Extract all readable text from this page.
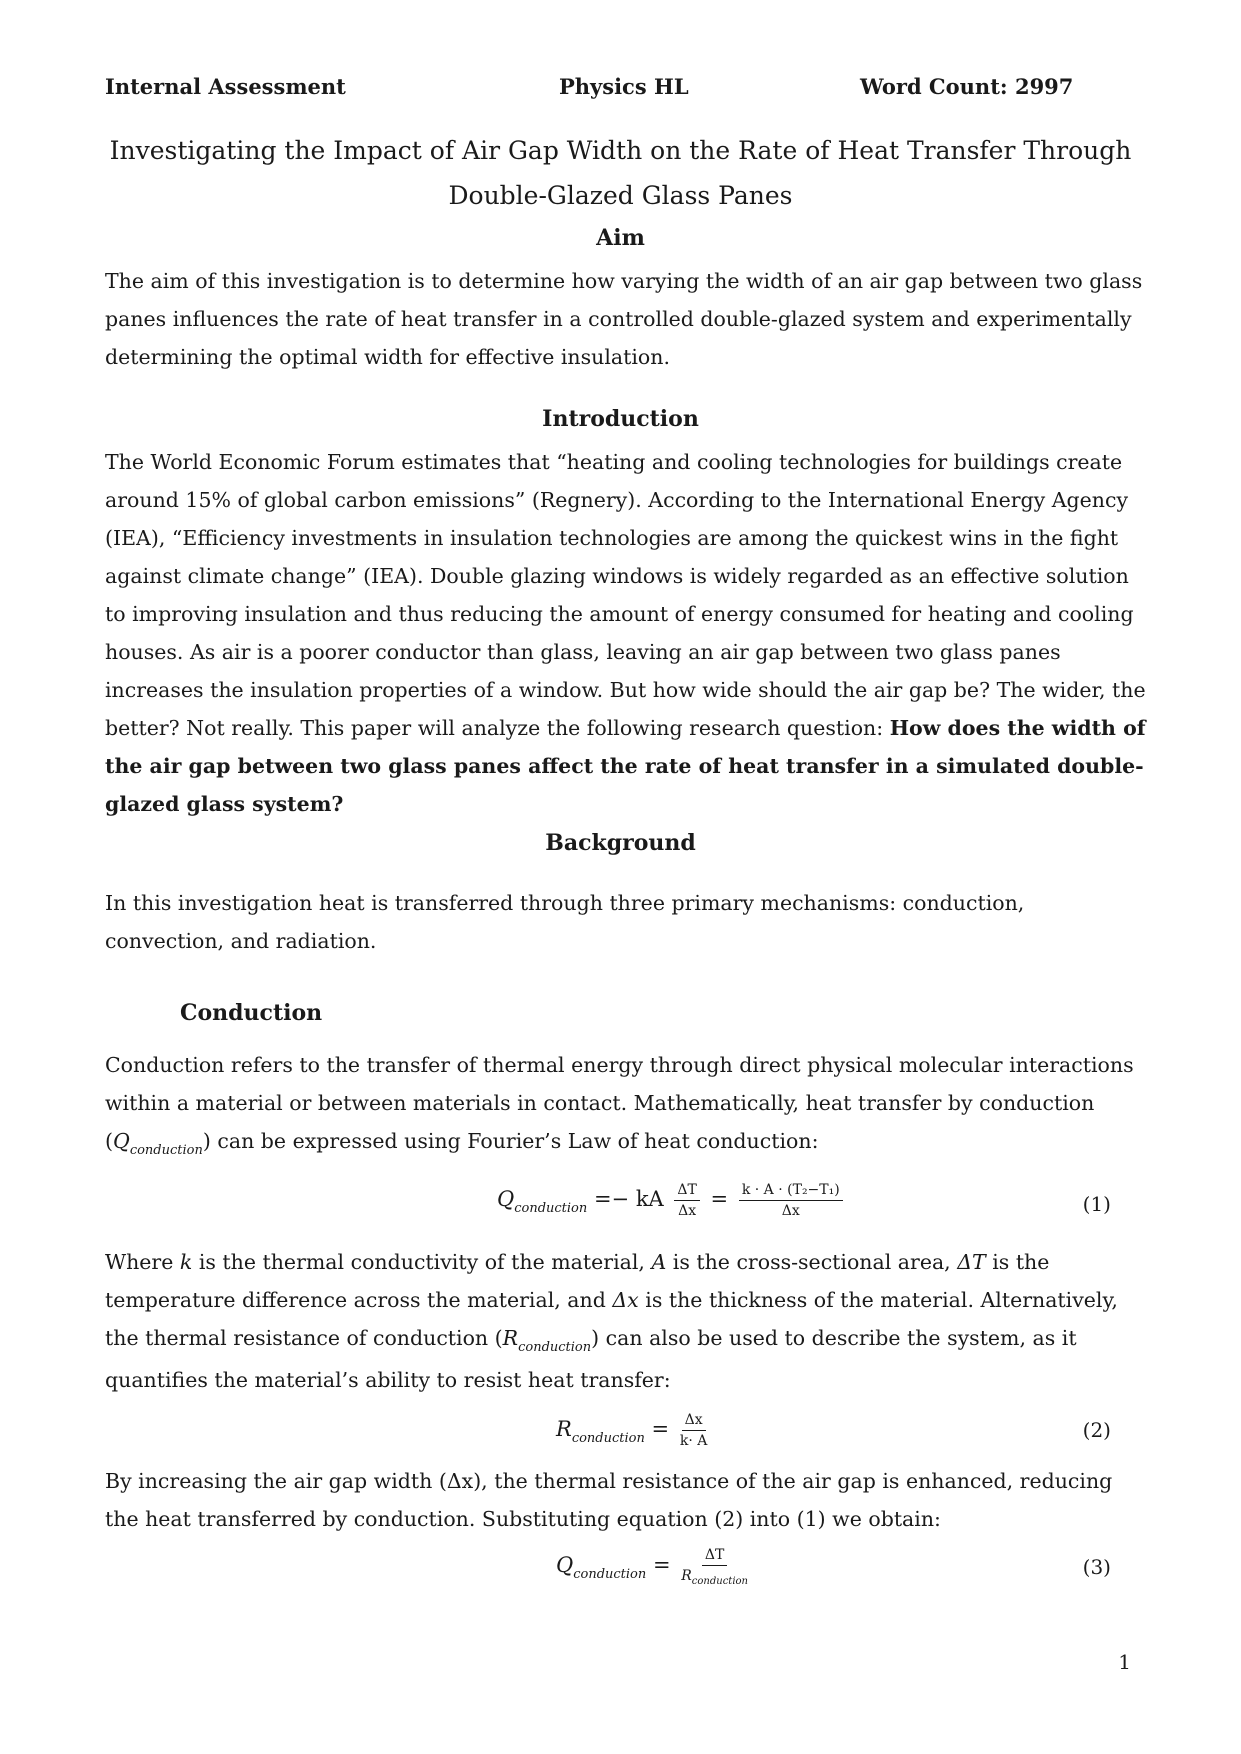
Internal Assessment	Physics HL	Word Count: 2997
Investigating the Impact of Air Gap Width on the Rate of Heat Transfer Through
Double-Glazed Glass Panes
Aim

The aim of this investigation is to determine how varying the width of an air gap between two glass panes influences the rate of heat transfer in a controlled double-glazed system and experimentally determining the optimal width for effective insulation.

Introduction

The World Economic Forum estimates that “heating and cooling technologies for buildings create around 15% of global carbon emissions” (Regnery). According to the International Energy Agency (IEA), “Efficiency investments in insulation technologies are among the quickest wins in the fight against climate change” (IEA). Double glazing windows is widely regarded as an effective solution to improving insulation and thus reducing the amount of energy consumed for heating and cooling houses. As air is a poorer conductor than glass, leaving an air gap between two glass panes increases the insulation properties of a window. But how wide should the air gap be? The wider, the better? Not really. This paper will analyze the following research question: How does the width of the air gap between two glass panes affect the rate of heat transfer in a simulated double-glazed glass system?

Background

In this investigation heat is transferred through three primary mechanisms: conduction, convection, and radiation.

Conduction

Conduction refers to the transfer of thermal energy through direct physical molecular interactions within a material or between materials in contact. Mathematically, heat transfer by conduction $(Q_{conduction})$ can be expressed using Fourier’s Law of heat conduction:

$Q_{conduction}$ =− kA $\frac{\Delta T}{\Delta x} = \frac{\text{k · A · (T₂−T₁)}}{\Delta x}$	(1)

Where k is the thermal conductivity of the material, A is the cross-sectional area, ΔT is the temperature difference across the material, and Δx is the thickness of the material. Alternatively, the thermal resistance of conduction $(R_{conduction})$ can also be used to describe the system, as it quantifies the material’s ability to resist heat transfer:

$R_{conduction} = \frac{\Delta x}{k\cdot A}$	(2)

By increasing the air gap width (Δx), the thermal resistance of the air gap is enhanced, reducing the heat transferred by conduction. Substituting equation (2) into (1) we obtain:

$Q_{conduction} = \frac{\Delta T}{R_{conduction}}$	(3)
1
